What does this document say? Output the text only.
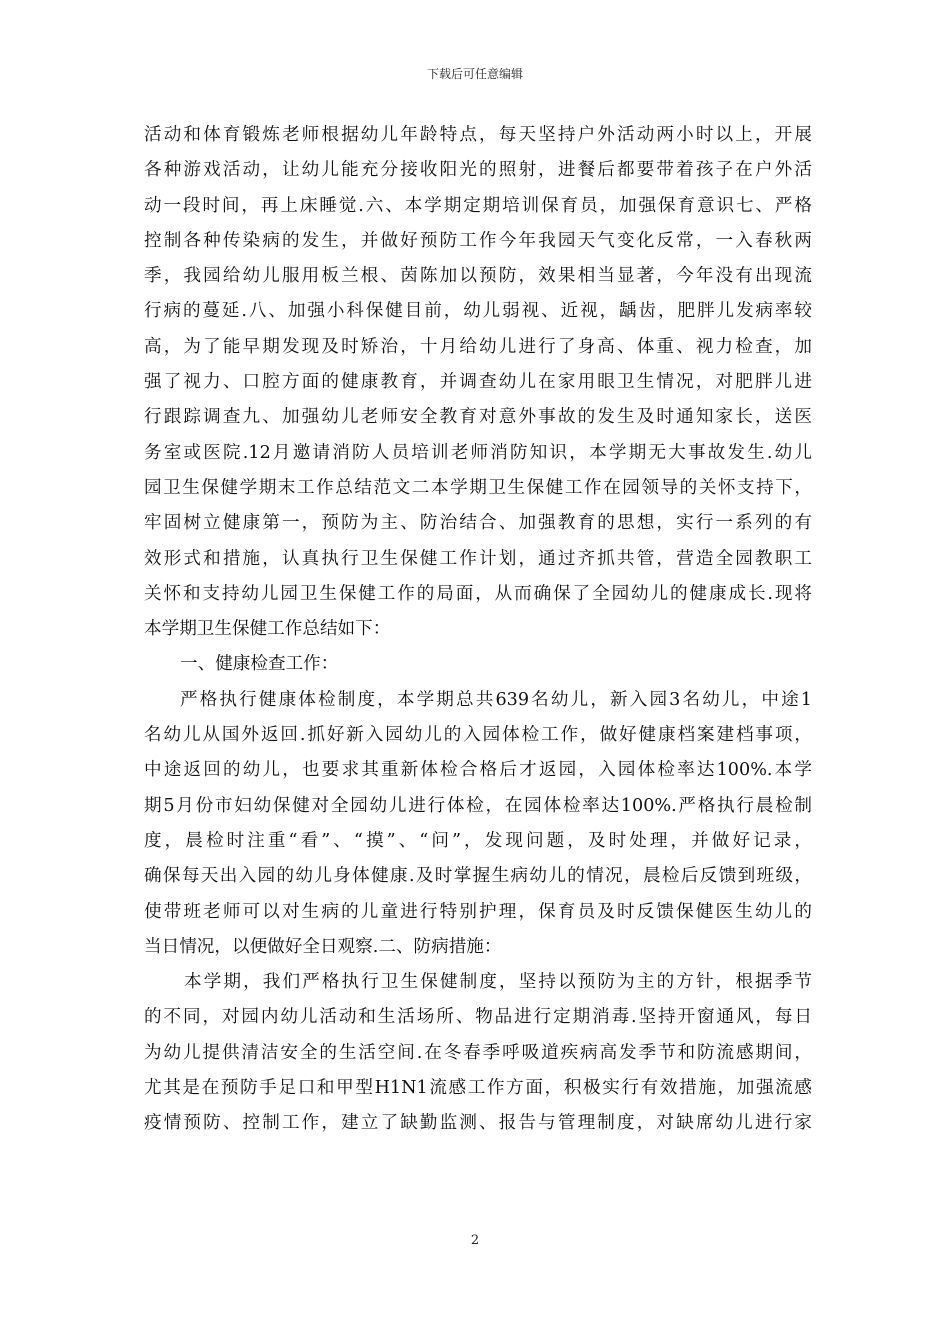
下载后可任意编辑
活动和体育锻炼老师根据幼儿年龄特点，每天坚持户外活动两小时以上，开展
各种游戏活动，让幼儿能充分接收阳光的照射，进餐后都要带着孩子在户外活
动一段时间，再上床睡觉.六、本学期定期培训保育员，加强保育意识七、严格
控制各种传染病的发生，并做好预防工作今年我园天气变化反常，一入春秋两
季，我园给幼儿服用板兰根、茵陈加以预防，效果相当显著，今年没有出现流
行病的蔓延.八、加强小科保健目前，幼儿弱视、近视，龋齿，肥胖儿发病率较
高，为了能早期发现及时矫治，十月给幼儿进行了身高、体重、视力检查，加
强了视力、口腔方面的健康教育，并调查幼儿在家用眼卫生情况，对肥胖儿进
行跟踪调查九、加强幼儿老师安全教育对意外事故的发生及时通知家长，送医
务室或医院.12月邀请消防人员培训老师消防知识，本学期无大事故发生.幼儿
园卫生保健学期末工作总结范文二本学期卫生保健工作在园领导的关怀支持下，
牢固树立健康第一，预防为主、防治结合、加强教育的思想，实行一系列的有
效形式和措施，认真执行卫生保健工作计划，通过齐抓共管，营造全园教职工
关怀和支持幼儿园卫生保健工作的局面，从而确保了全园幼儿的健康成长.现将
本学期卫生保健工作总结如下：
一、健康检查工作：
严格执行健康体检制度，本学期总共639名幼儿，新入园3名幼儿，中途1
名幼儿从国外返回.抓好新入园幼儿的入园体检工作，做好健康档案建档事项，
中途返回的幼儿，也要求其重新体检合格后才返园，入园体检率达100%.本学
期5月份市妇幼保健对全园幼儿进行体检，在园体检率达100%.严格执行晨检制
度，晨检时注重“看”、“摸”、“问”，发现问题，及时处理，并做好记录，
确保每天出入园的幼儿身体健康.及时掌握生病幼儿的情况，晨检后反馈到班级，
使带班老师可以对生病的儿童进行特别护理，保育员及时反馈保健医生幼儿的
当日情况，以便做好全日观察.二、防病措施：
本学期，我们严格执行卫生保健制度，坚持以预防为主的方针，根据季节
的不同，对园内幼儿活动和生活场所、物品进行定期消毒.坚持开窗通风，每日
为幼儿提供清洁安全的生活空间.在冬春季呼吸道疾病高发季节和防流感期间，
尤其是在预防手足口和甲型H1N1流感工作方面，积极实行有效措施，加强流感
疫情预防、控制工作，建立了缺勤监测、报告与管理制度，对缺席幼儿进行家
2
